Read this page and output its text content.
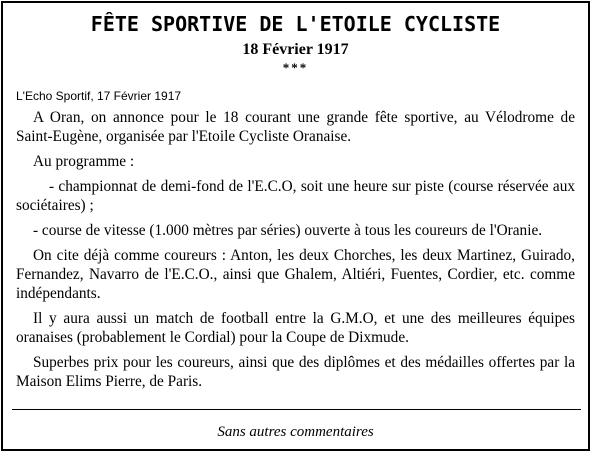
FÊTE SPORTIVE DE L'ETOILE CYCLISTE
18 Février 1917
***
L'Echo Sportif, 17 Février 1917

A Oran, on annonce pour le 18 courant une grande fête sportive, au Vélodrome de Saint-Eugène, organisée par l'Etoile Cycliste Oranaise.

Au programme :

- championnat de demi-fond de l'E.C.O, soit une heure sur piste (course réservée aux sociétaires) ;

- course de vitesse (1.000 mètres par séries) ouverte à tous les coureurs de l'Oranie.

On cite déjà comme coureurs : Anton, les deux Chorches, les deux Martinez, Guirado, Fernandez, Navarro de l'E.C.O., ainsi que Ghalem, Altiéri, Fuentes, Cordier, etc. comme indépendants.

Il y aura aussi un match de football entre la G.M.O, et une des meilleures équipes oranaises (probablement le Cordial) pour la Coupe de Dixmude.

Superbes prix pour les coureurs, ainsi que des diplômes et des médailles offertes par la Maison Elims Pierre, de Paris.

Sans autres commentaires
